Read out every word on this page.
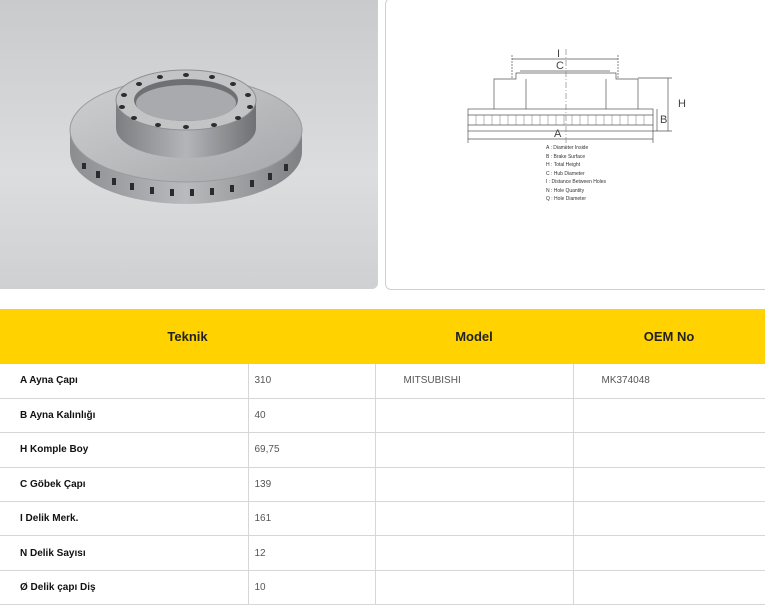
I
C
H
B
A
A : Diameter Inside
B : Brake Surface
H : Total Height
C : Hub Diameter
I : Distance Between Holes
N : Hole Quantity
Q : Hole Diameter
Teknik		Model	OEM No
A Ayna Çapı	310	MITSUBISHI	MK374048
B Ayna Kalınlığı	40		
H Komple Boy	69,75		
C Göbek Çapı	139		
I Delik Merk.	161		
N Delik Sayısı	12		
Ø Delik çapı Diş	10		
